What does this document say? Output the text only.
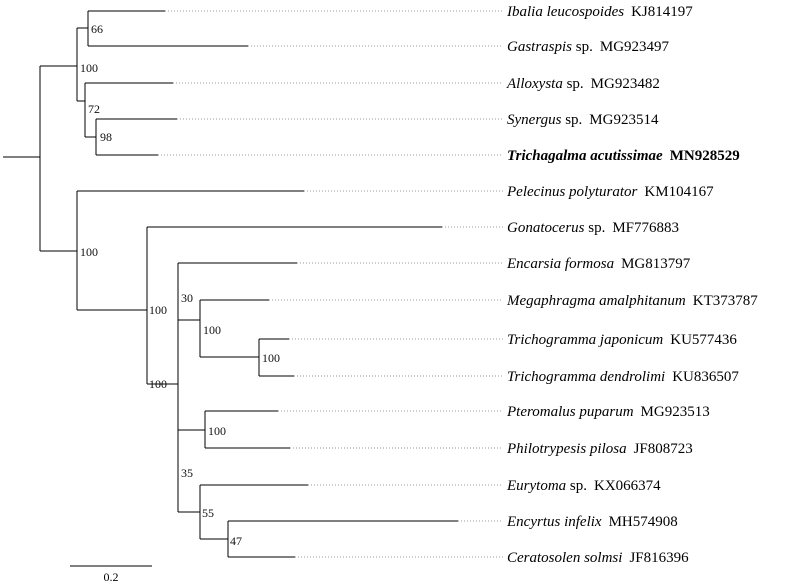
66
100
72
98
100
100
30
100
100
100
100
35
55
47
Ibalia leucospoides KJ814197
Gastraspis sp. MG923497
Alloxysta sp. MG923482
Synergus sp. MG923514
Trichagalma acutissimae MN928529
Pelecinus polyturator KM104167
Gonatocerus sp. MF776883
Encarsia formosa MG813797
Megaphragma amalphitanum KT373787
Trichogramma japonicum KU577436
Trichogramma dendrolimi KU836507
Pteromalus puparum MG923513
Philotrypesis pilosa JF808723
Eurytoma sp. KX066374
Encyrtus infelix MH574908
Ceratosolen solmsi JF816396
0.2
